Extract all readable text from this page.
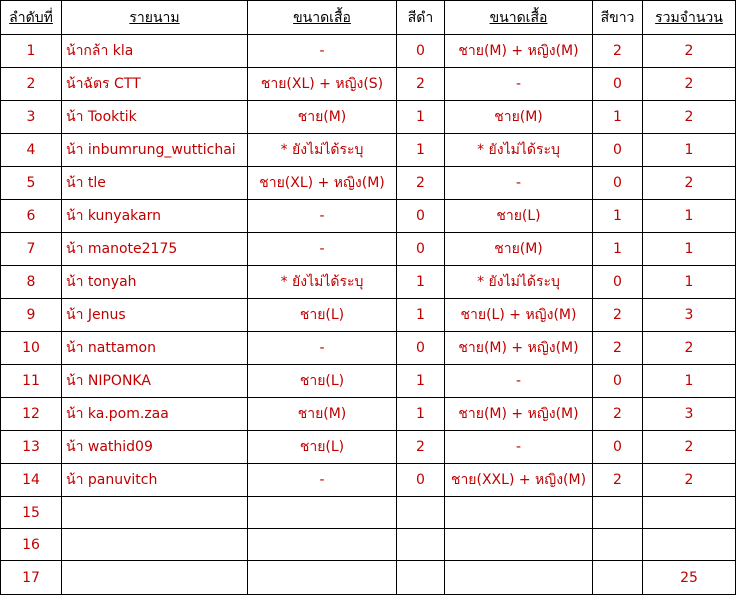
ลำดับที่	รายนาม	ขนาดเสื้อ	สีดำ	ขนาดเสื้อ	สีขาว	รวมจำนวน
1	น้ากล้า kla	-	0	ชาย(M) + หญิง(M)	2	2
2	น้าฉัตร CTT	ชาย(XL) + หญิง(S)	2	-	0	2
3	น้า Tooktik	ชาย(M)	1	ชาย(M)	1	2
4	น้า inbumrung_wuttichai	* ยังไม่ได้ระบุ	1	* ยังไม่ได้ระบุ	0	1
5	น้า tle	ชาย(XL) + หญิง(M)	2	-	0	2
6	น้า kunyakarn	-	0	ชาย(L)	1	1
7	น้า manote2175	-	0	ชาย(M)	1	1
8	น้า tonyah	* ยังไม่ได้ระบุ	1	* ยังไม่ได้ระบุ	0	1
9	น้า Jenus	ชาย(L)	1	ชาย(L) + หญิง(M)	2	3
10	น้า nattamon	-	0	ชาย(M) + หญิง(M)	2	2
11	น้า NIPONKA	ชาย(L)	1	-	0	1
12	น้า ka.pom.zaa	ชาย(M)	1	ชาย(M) + หญิง(M)	2	3
13	น้า wathid09	ชาย(L)	2	-	0	2
14	น้า panuvitch	-	0	ชาย(XXL) + หญิง(M)	2	2
15						
16						
17						25
